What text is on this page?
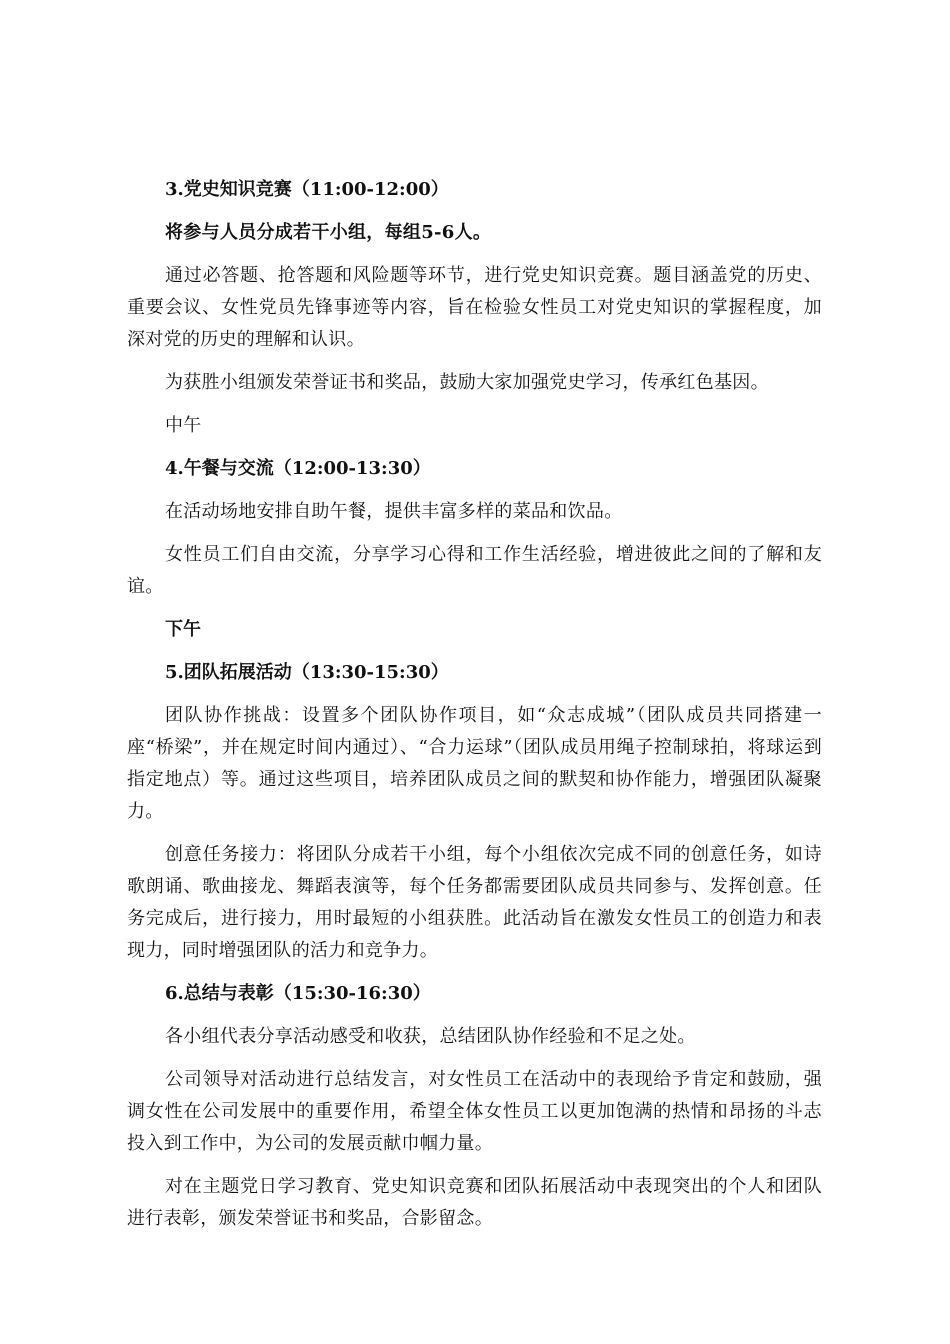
3.党史知识竞赛（11:00-12:00）

将参与人员分成若干小组，每组5-6人。

通过必答题、抢答题和风险题等环节，进行党史知识竞赛。题目涵盖党的历史、重要会议、女性党员先锋事迹等内容，旨在检验女性员工对党史知识的掌握程度，加深对党的历史的理解和认识。

为获胜小组颁发荣誉证书和奖品，鼓励大家加强党史学习，传承红色基因。

中午

4.午餐与交流（12:00-13:30）

在活动场地安排自助午餐，提供丰富多样的菜品和饮品。

女性员工们自由交流，分享学习心得和工作生活经验，增进彼此之间的了解和友谊。

下午

5.团队拓展活动（13:30-15:30）

团队协作挑战：设置多个团队协作项目，如“众志成城”（团队成员共同搭建一座“桥梁”，并在规定时间内通过）、“合力运球”（团队成员用绳子控制球拍，将球运到指定地点）等。通过这些项目，培养团队成员之间的默契和协作能力，增强团队凝聚力。

创意任务接力：将团队分成若干小组，每个小组依次完成不同的创意任务，如诗歌朗诵、歌曲接龙、舞蹈表演等，每个任务都需要团队成员共同参与、发挥创意。任务完成后，进行接力，用时最短的小组获胜。此活动旨在激发女性员工的创造力和表现力，同时增强团队的活力和竞争力。

6.总结与表彰（15:30-16:30）

各小组代表分享活动感受和收获，总结团队协作经验和不足之处。

公司领导对活动进行总结发言，对女性员工在活动中的表现给予肯定和鼓励，强调女性在公司发展中的重要作用，希望全体女性员工以更加饱满的热情和昂扬的斗志投入到工作中，为公司的发展贡献巾帼力量。

对在主题党日学习教育、党史知识竞赛和团队拓展活动中表现突出的个人和团队进行表彰，颁发荣誉证书和奖品，合影留念。
